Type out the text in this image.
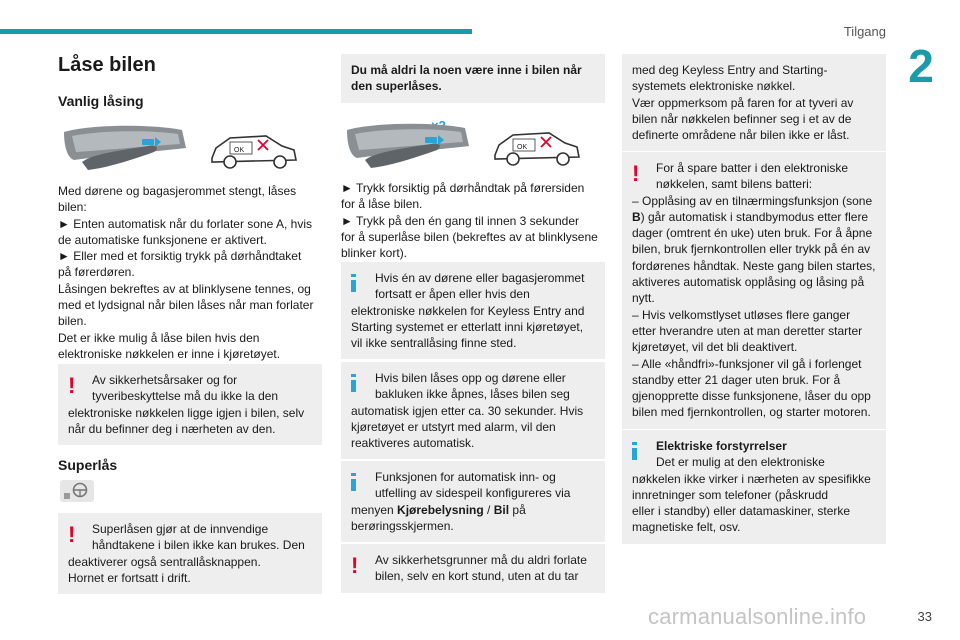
Tilgang
2
Låse bilen
Vanlig låsing
OK
Med dørene og bagasjerommet stengt, låses
bilen:
► Enten automatisk når du forlater sone A, hvis
de automatiske funksjonene er aktivert.
► Eller med et forsiktig trykk på dørhåndtaket
på førerdøren.
Låsingen bekreftes av at blinklysene tennes, og
med et lydsignal når bilen låses når man forlater
bilen.
Det er ikke mulig å låse bilen hvis den
elektroniske nøkkelen er inne i kjøretøyet.
!	Av sikkerhetsårsaker og for
tyveribeskyttelse må du ikke la den
elektroniske nøkkelen ligge igjen i bilen, selv
når du befinner deg i nærheten av den.
Superlås
!	Superlåsen gjør at de innvendige
håndtakene i bilen ikke kan brukes. Den
deaktiverer også sentrallåsknappen.
Hornet er fortsatt i drift.
Du må aldri la noen være inne i bilen når
den superlåses.
OK
► Trykk forsiktig på dørhåndtak på førersiden
for å låse bilen.
► Trykk på den én gang til innen 3 sekunder
for å superlåse bilen (bekreftes av at blinklysene
blinker kort).
Hvis én av dørene eller bagasjerommet
fortsatt er åpen eller hvis den
elektroniske nøkkelen for Keyless Entry and
Starting systemet er etterlatt inni kjøretøyet,
vil ikke sentrallåsing finne sted.
Hvis bilen låses opp og dørene eller
bakluken ikke åpnes, låses bilen seg
automatisk igjen etter ca. 30 sekunder. Hvis
kjøretøyet er utstyrt med alarm, vil den
reaktiveres automatisk.
Funksjonen for automatisk inn- og
utfelling av sidespeil konfigureres via
menyen Kjørebelysning / Bil på
berøringsskjermen.
!	Av sikkerhetsgrunner må du aldri forlate
bilen, selv en kort stund, uten at du tar
med deg Keyless Entry and Starting-
systemets elektroniske nøkkel.
Vær oppmerksom på faren for at tyveri av
bilen når nøkkelen befinner seg i et av de
definerte områdene når bilen ikke er låst.
!	For å spare batter i den elektroniske
nøkkelen, samt bilens batteri:
– Opplåsing av en tilnærmingsfunksjon (sone
B) går automatisk i standbymodus etter flere
dager (omtrent én uke) uten bruk. For å åpne
bilen, bruk fjernkontrollen eller trykk på én av
fordørenes håndtak. Neste gang bilen startes,
aktiveres automatisk opplåsing og låsing på
nytt.
– Hvis velkomstlyset utløses flere ganger
etter hverandre uten at man deretter starter
kjøretøyet, vil det bli deaktivert.
– Alle «håndfri»-funksjoner vil gå i forlenget
standby etter 21 dager uten bruk. For å
gjenopprette disse funksjonene, låser du opp
bilen med fjernkontrollen, og starter motoren.
Elektriske forstyrrelser
Det er mulig at den elektroniske
nøkkelen ikke virker i nærheten av spesifikke
innretninger som telefoner (påskrudd
eller i standby) eller datamaskiner, sterke
magnetiske felt, osv.
carmanualsonline.info	33
